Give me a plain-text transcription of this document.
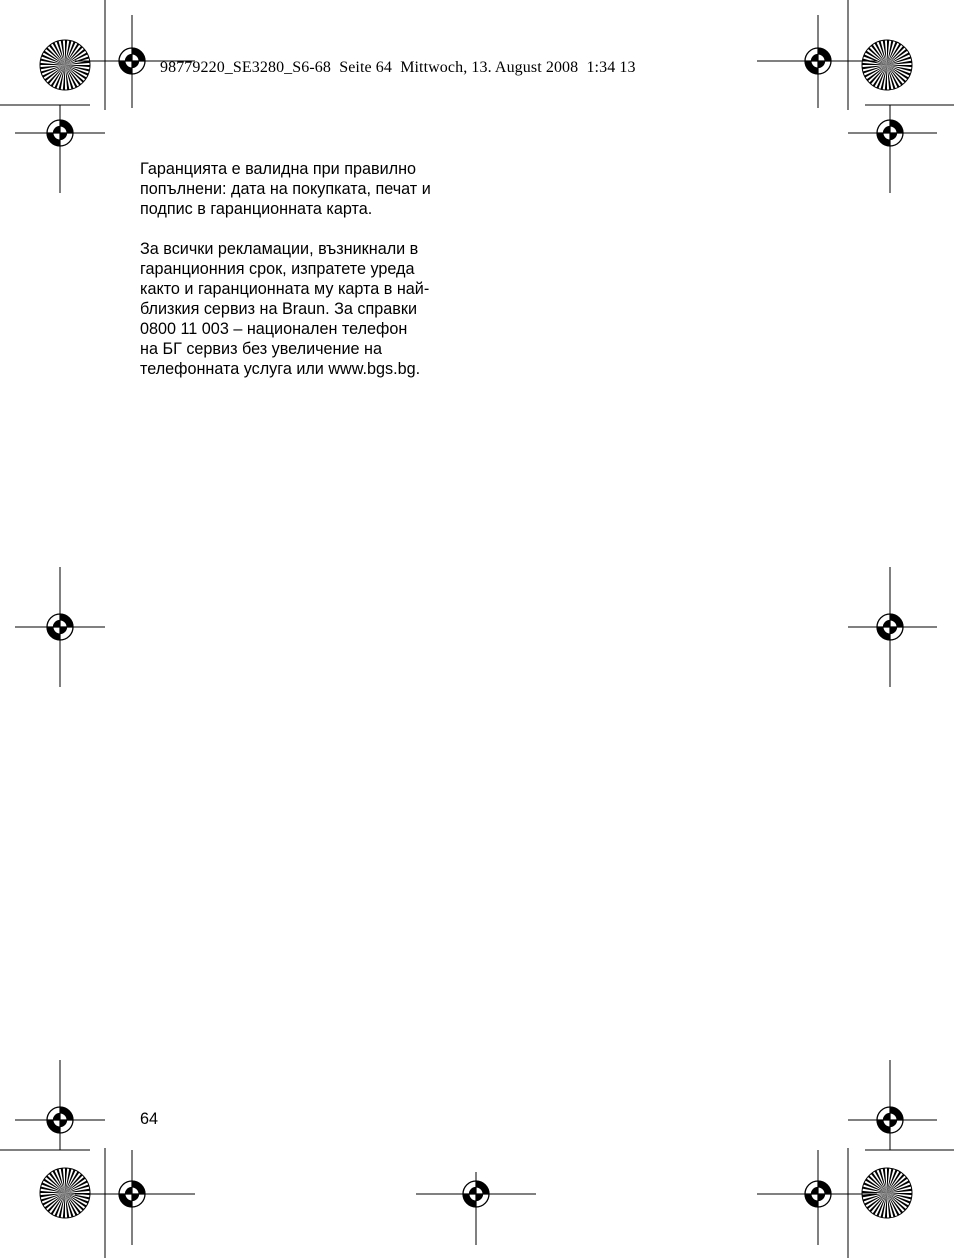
98779220_SE3280_S6-68  Seite 64  Mittwoch, 13. August 2008  1:34 13

Гаранцията е валидна при правилно
попълнени: дата на покупката, печат и
подпис в гаранционната карта.

За всички рекламации, възникнали в
гаранционния срок, изпратете уреда
както и гаранционната му карта в най-
близкия сервиз на Braun. За справки
0800 11 003 – национален телефон
на БГ сервиз без увеличение на
телефонната услуга или www.bgs.bg.

64
